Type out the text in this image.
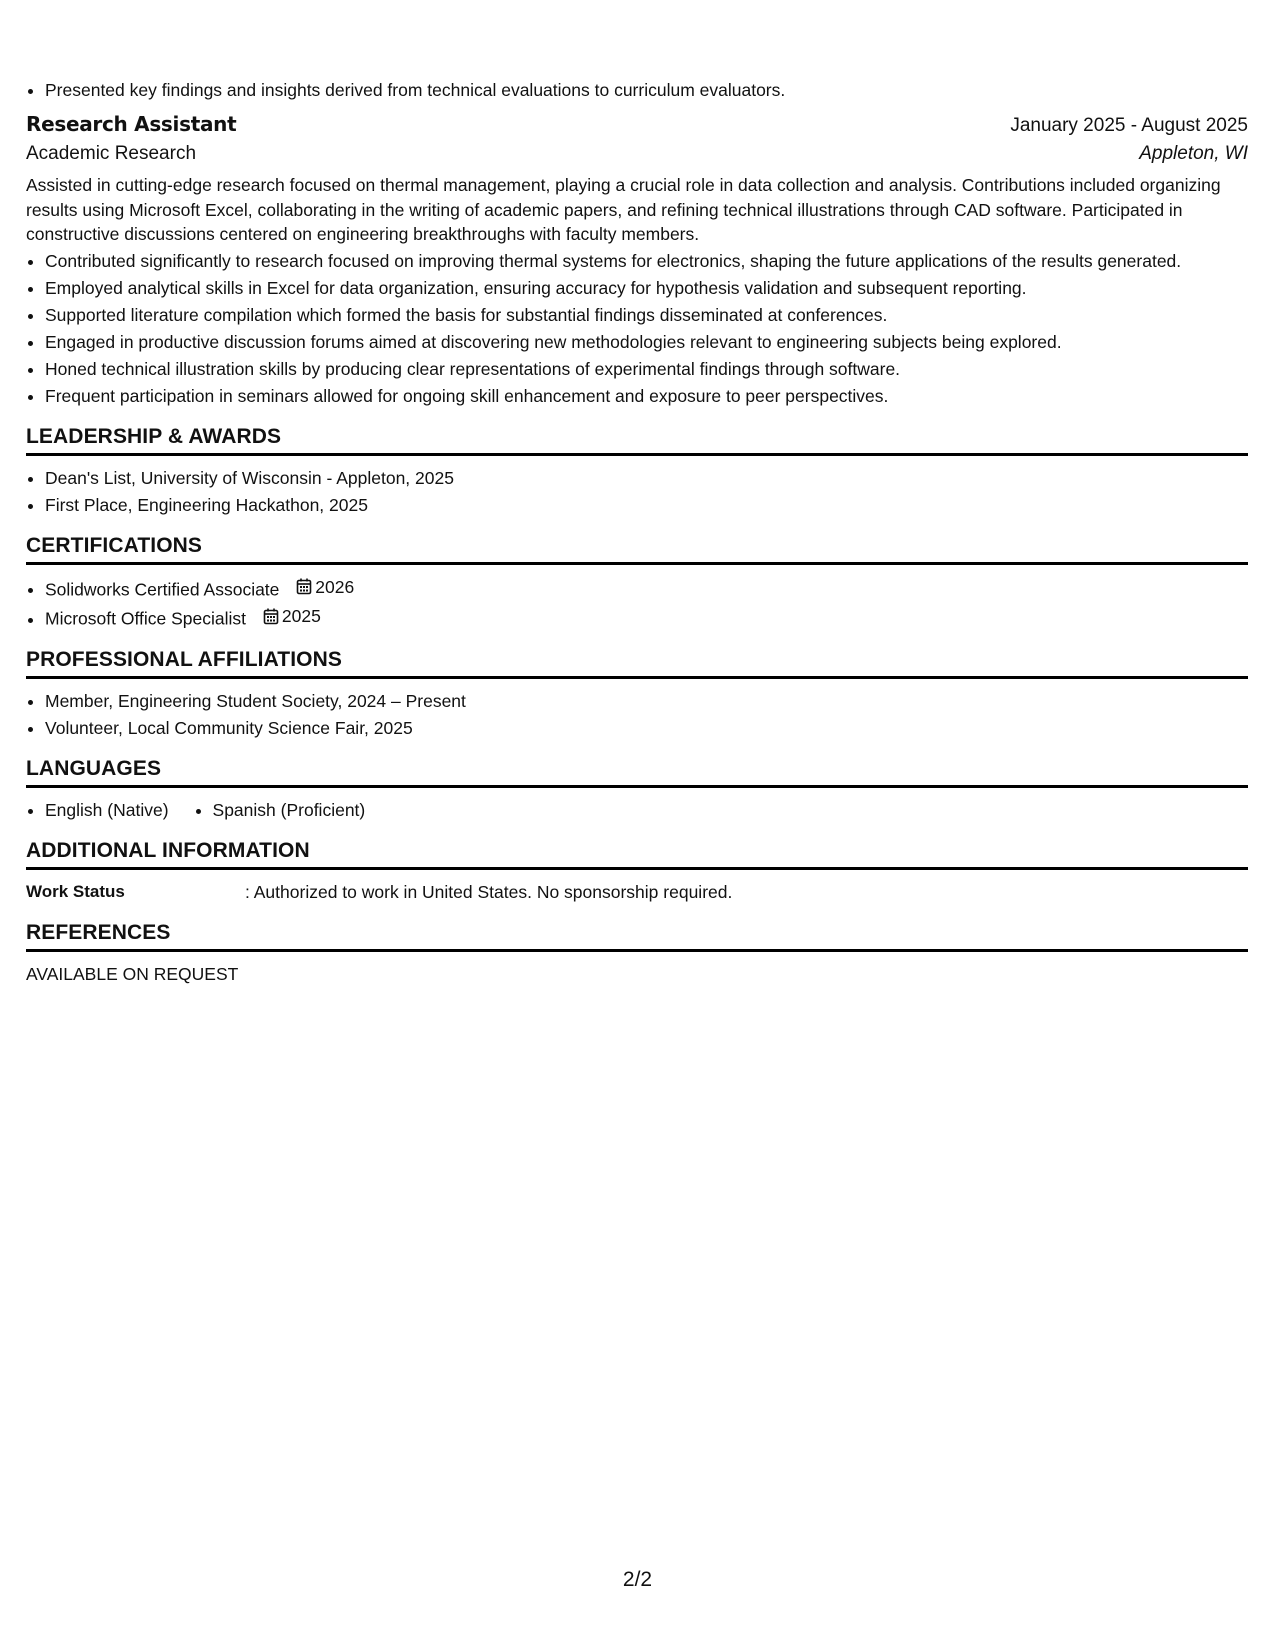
• Presented key findings and insights derived from technical evaluations to curriculum evaluators.
Research Assistant	January 2025 - August 2025
Academic Research	Appleton, WI
Assisted in cutting-edge research focused on thermal management, playing a crucial role in data collection and analysis. Contributions included organizing results using Microsoft Excel, collaborating in the writing of academic papers, and refining technical illustrations through CAD software. Participated in constructive discussions centered on engineering breakthroughs with faculty members.
• Contributed significantly to research focused on improving thermal systems for electronics, shaping the future applications of the results generated.
• Employed analytical skills in Excel for data organization, ensuring accuracy for hypothesis validation and subsequent reporting.
• Supported literature compilation which formed the basis for substantial findings disseminated at conferences.
• Engaged in productive discussion forums aimed at discovering new methodologies relevant to engineering subjects being explored.
• Honed technical illustration skills by producing clear representations of experimental findings through software.
• Frequent participation in seminars allowed for ongoing skill enhancement and exposure to peer perspectives.
LEADERSHIP & AWARDS
• Dean's List, University of Wisconsin - Appleton, 2025
• First Place, Engineering Hackathon, 2025
CERTIFICATIONS
• Solidworks Certified Associate 2026
• Microsoft Office Specialist 2025
PROFESSIONAL AFFILIATIONS
• Member, Engineering Student Society, 2024 – Present
• Volunteer, Local Community Science Fair, 2025
LANGUAGES
• English (Native)
•	Spanish (Proficient)
ADDITIONAL INFORMATION
Work Status	: Authorized to work in United States. No sponsorship required.
REFERENCES
AVAILABLE ON REQUEST
2/2
